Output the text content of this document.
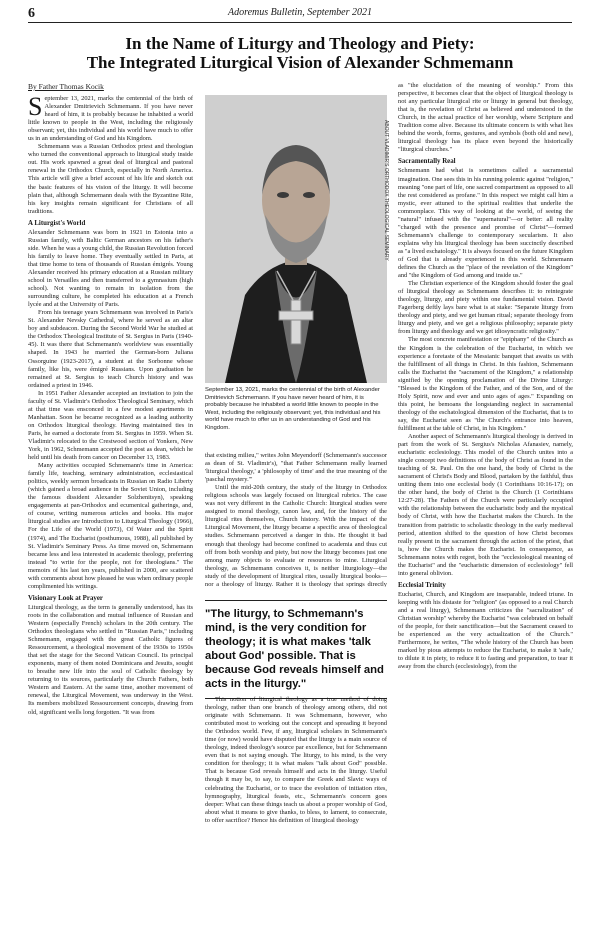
6	Adoremus Bulletin, September 2021
In the Name of Liturgy and Theology and Piety:
The Integrated Liturgical Vision of Alexander Schmemann
By Father Thomas Kocik

September 13, 2021, marks the centennial of the birth of Alexander Dmitrievich Schmemann. If you have never heard of him, it is probably because he inhabited a world little known to people in the West, including the religiously observant; yet, this individual and his world have much to offer us in an understanding of God and his Kingdom.

Schmemann was a Russian Orthodox priest and theologian who turned the conventional approach to liturgical study inside out. His work spawned a great deal of liturgical and pastoral renewal in the Orthodox Church, especially in North America. This article will give a brief account of his life and sketch out the basic features of his vision of the liturgy. It will become plain that, although Schmemann deals with the Byzantine Rite, his key insights remain significant for Christians of all traditions.

A Liturgist's World

Alexander Schmemann was born in 1921 in Estonia into a Russian family, with Baltic German ancestors on his father's side. When he was a young child, the Russian Revolution forced his family to leave home. They eventually settled in Paris, at that time home to tens of thousands of Russian émigrés. Young Alexander received his primary education at a Russian military school in Versailles and then transferred to a gymnasium (high school). Not wanting to remain in isolation from the surrounding culture, he completed his education at a French lycée and at the University of Paris.

From his teenage years Schmemann was involved in Paris's St. Alexander Nevsky Cathedral, where he served as an altar boy and subdeacon. During the Second World War he studied at the Orthodox Theological Institute of St. Sergius in Paris (1940-45). It was there that Schmemann's worldview was essentially shaped. In 1943 he married the German-born Juliana Ossorguine (1923-2017), a student at the Sorbonne whose family, like his, were émigré Russians. Upon graduation he remained at St. Sergius to teach Church history and was ordained a priest in 1946.

In 1951 Father Alexander accepted an invitation to join the faculty of St. Vladimir's Orthodox Theological Seminary, which at that time was ensconced in a few modest apartments in Manhattan. Soon he became recognized as a leading authority on Orthodox liturgical theology. Having maintained ties in Paris, he earned a doctorate from St. Sergius in 1959. When St. Vladimir's relocated to the Crestwood section of Yonkers, New York, in 1962, Schmemann accepted the post as dean, which he held until his death from cancer on December 13, 1983.

Many activities occupied Schmemann's time in America: family life, teaching, seminary administration, ecclesiastical politics, weekly sermon broadcasts in Russian on Radio Liberty (which gained a broad audience in the Soviet Union, including the famous dissident Alexander Solzhenitsyn), speaking engagements at pan-Orthodox and ecumenical gatherings, and, of course, writing numerous articles and books. His major liturgical studies are Introduction to Liturgical Theology (1966), For the Life of the World (1973), Of Water and the Spirit (1974), and The Eucharist (posthumous, 1988), all published by St. Vladimir's Seminary Press. As time moved on, Schmemann became less and less interested in academic theology, preferring instead "to write for the people, not for theologians." The memoirs of his last ten years, published in 2000, are scattered with comments about how pleased he was when ordinary people complimented his writings.

Visionary Look at Prayer

Liturgical theology, as the term is generally understood, has its roots in the collaboration and mutual influence of Russian and Western (especially French) scholars in the 20th century. The Orthodox theologians who settled in "Russian Paris," including Schmemann, engaged with the great Catholic figures of Ressourcement, a theological movement of the 1930s to 1950s that set the stage for the Second Vatican Council. Its principal exponents, many of them noted Dominicans and Jesuits, sought to breathe new life into the soul of Catholic theology by returning to its sources, particularly the Church Fathers, both Western and Eastern. At the same time, another movement of renewal, the Liturgical Movement, was underway in the West. Its members mobilized Ressourcement concepts, drawing from old, significant wells long forgotten. "It was from

ABOUT VLADIMIR'S ORTHODOX THEOLOGICAL SEMINARY
September 13, 2021, marks the centennial of the birth of Alexander Dmitrievich Schmemann. If you have never heard of him, it is probably because he inhabited a world little known to people in the West, including the religiously observant; yet, this individual and his world have much to offer us in an understanding of God and his Kingdom.

that existing milieu," writes John Meyendorff (Schmemann's successor as dean of St. Vladimir's), "that Father Schmemann really learned 'liturgical theology,' a 'philosophy of time' and the true meaning of the 'paschal mystery.'"

Until the mid-20th century, the study of the liturgy in Orthodox religious schools was largely focused on liturgical rubrics. The case was not very different in the Catholic Church: liturgical studies were assigned to moral theology, canon law, and, for the history of the liturgical rites themselves, Church history. With the impact of the Liturgical Movement, the liturgy became a specific area of theological studies. Schmemann perceived a danger in this. He thought it bad enough that theology had become confined to academia and thus cut off from both worship and piety, but now the liturgy becomes just one among many objects to evaluate or resources to mine. Liturgical theology, as Schmemann conceives it, is neither liturgiology—the study of the development of liturgical rites, usually liturgical books—nor a theology of liturgy. Rather it is theology that springs directly

"The liturgy, to Schmemann's mind, is the very condition for theology; it is what makes 'talk about God' possible. That is because God reveals himself and acts in the liturgy."

This notion of liturgical theology as a true method of doing theology, rather than one branch of theology among others, did not originate with Schmemann. It was Schmemann, however, who contributed most to working out the concept and spreading it beyond the Orthodox world. Few, if any, liturgical scholars in Schmemann's time (or now) would have disputed that the liturgy is a main source of theology, indeed theology's source par excellence, but for Schmemann even that is not saying enough. The liturgy, to his mind, is the very condition for theology; it is what makes "talk about God" possible. That is because God reveals himself and acts in the liturgy. Useful though it may be, to say, to compare the Greek and Slavic ways of celebrating the Eucharist, or to trace the evolution of initiation rites, hymnography, liturgical feasts, etc., Schmemann's concern goes deeper: What can these things teach us about a proper worship of God, about what it means to give thanks, to bless, to lament, to consecrate, to offer sacrifice? Hence his definition of liturgical theology

as "the elucidation of the meaning of worship." From this perspective, it becomes clear that the object of liturgical theology is not any particular liturgical rite or liturgy in general but theology, that is, the revelation of Christ as believed and understood in the Church, in the actual practice of her worship, where Scripture and Tradition come alive. Because its ultimate concern is with what lies behind the words, forms, gestures, and symbols (both old and new), liturgical theology has its place even beyond the historically "liturgical churches."

Sacramentally Real

Schmemann had what is sometimes called a sacramental imagination. One sees this in his running polemic against "religion," meaning "one part of life, one sacred compartment as opposed to all the rest considered as profane." In this respect we might call him a mystic, ever attuned to the spiritual realities that underlie the commonplace. This way of looking at the world, of seeing the "natural" infused with the "supernatural"—or better: all reality "charged with the presence and promise of Christ"—formed Schmemann's challenge to contemporary secularism. It also explains why his liturgical theology has been succinctly described as "a lived eschatology." It is always focused on the future Kingdom of God that is already experienced in this world. Schmemann defines the Church as the "place of the revelation of the Kingdom" and "the Kingdom of God among and inside us."

The Christian experience of the Kingdom should foster the goal of liturgical theology as Schmemann describes it: to reintegrate theology, liturgy, and piety within one fundamental vision. David Fagerberg deftly lays bare what is at stake: "Separate liturgy from theology and piety, and we get human ritual; separate theology from liturgy and piety, and we get a religious philosophy; separate piety from liturgy and theology and we get idiosyncratic religiosity."

The most concrete manifestation or "epiphany" of the Church as the Kingdom is the celebration of the Eucharist, in which we experience a foretaste of the Messianic banquet that awaits us with the fulfillment of all things in Christ. In this fashion, Schmemann calls the Eucharist the "sacrament of the Kingdom," a relationship signified by the opening proclamation of the Divine Liturgy: "Blessed is the Kingdom of the Father, and of the Son, and of the Holy Spirit, now and ever and unto ages of ages." Expanding on this point, he bemoans the longstanding neglect in sacramental theology of the eschatological dimension of the Eucharist, that is to say, the Eucharist seen as "the Church's entrance into heaven, fulfillment at the table of Christ, in his Kingdom."

Another aspect of Schmemann's liturgical theology is derived in part from the work of St. Sergius's Nicholas Afanasiev, namely, eucharistic ecclesiology. This model of the Church unites into a single concept two definitions of the body of Christ as found in the teaching of St. Paul. On the one hand, the body of Christ is the sacrament of Christ's Body and Blood, partaken by the faithful, thus uniting them into one ecclesial body (1 Corinthians 10:16-17); on the other hand, the body of Christ is the Church (1 Corinthians 12:27-28). The Fathers of the Church were particularly occupied with the relationship between the eucharistic body and the mystical body of Christ, with how the Eucharist makes the Church. In the transition from patristic to scholastic theology in the early medieval period, attention shifted to the question of how Christ becomes really present in the sacrament through the action of the priest, that is, how the Church makes the Eucharist. In consequence, as Schmemann notes with regret, both the "ecclesiological meaning of the Eucharist" and the "eucharistic dimension of ecclesiology" fell into general oblivion.

Ecclesial Trinity

Eucharist, Church, and Kingdom are inseparable, indeed triune. In keeping with his distaste for "religion" (as opposed to a real Church and a real liturgy), Schmemann criticizes the "sacralization" of Christian worship" whereby the Eucharist "was celebrated on behalf of the people, for their sanctification—but the Sacrament ceased to be experienced as the very actualization of the Church." Furthermore, he writes, "The whole history of the Church has been marked by pious attempts to reduce the Eucharist, to make it 'safe,' to dilute it in piety, to reduce it to fasting and preparation, to tear it away from the church (ecclesiology), from the
